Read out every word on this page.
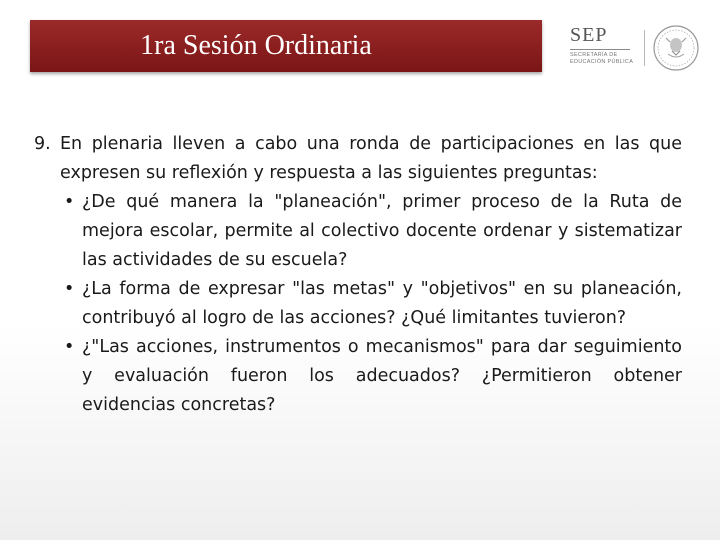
1ra Sesión Ordinaria	SEP
SECRETARÍA DE EDUCACIÓN PÚBLICA
9. En plenaria lleven a cabo una ronda de participaciones en las que expresen su reflexión y respuesta a las siguientes preguntas:
• ¿De qué manera la "planeación", primer proceso de la Ruta de mejora escolar, permite al colectivo docente ordenar y sistematizar las actividades de su escuela?
• ¿La forma de expresar "las metas" y "objetivos" en su planeación, contribuyó al logro de las acciones? ¿Qué limitantes tuvieron?
• ¿"Las acciones, instrumentos o mecanismos" para dar seguimiento y evaluación fueron los adecuados? ¿Permitieron obtener evidencias concretas?
